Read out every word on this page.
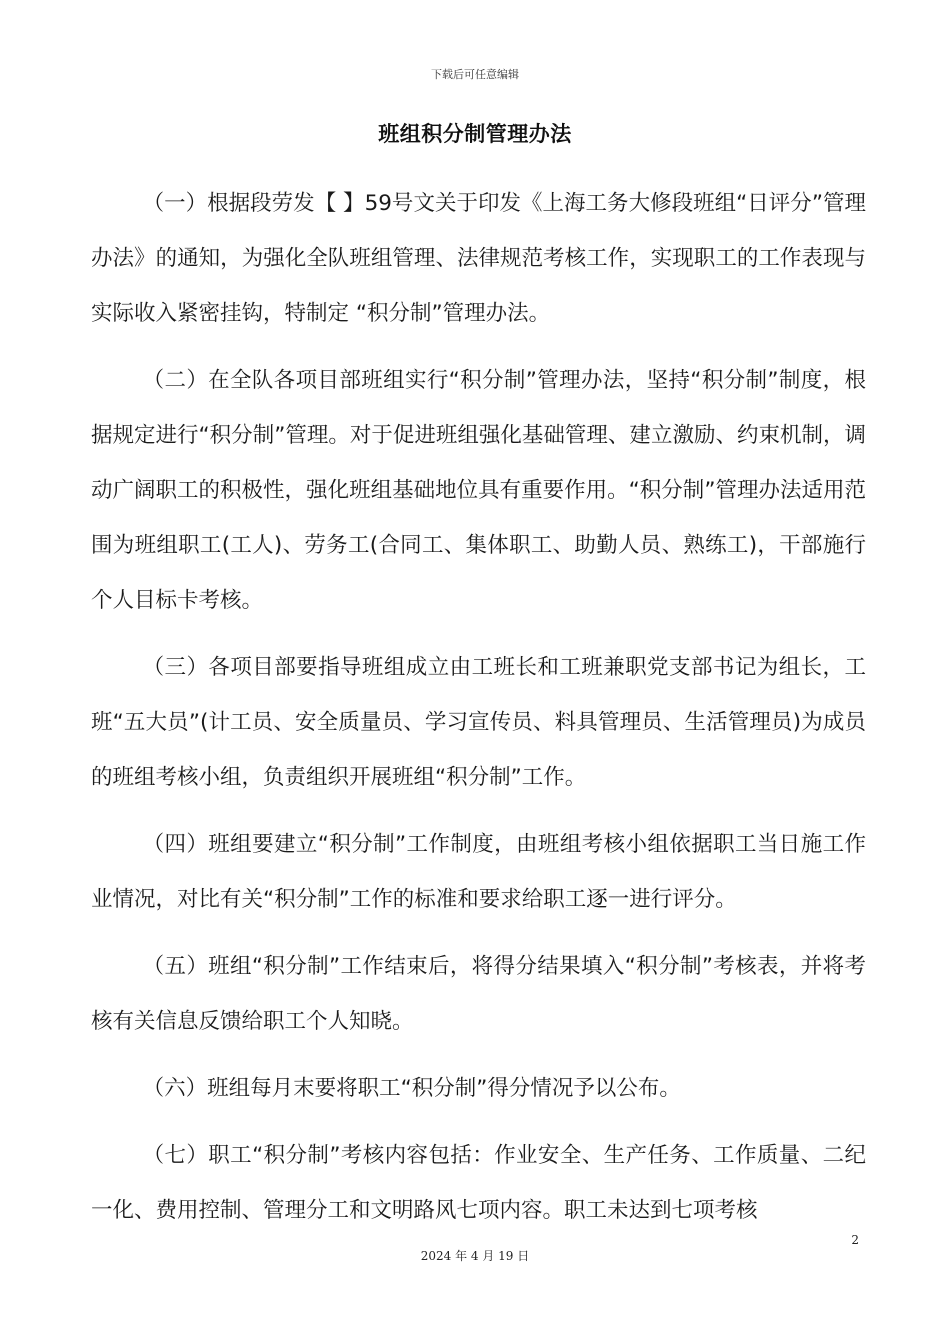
下载后可任意编辑
班组积分制管理办法

（一）根据段劳发【 】59号文关于印发《上海工务大修段班组“日评分”管理办法》的通知，为强化全队班组管理、法律规范考核工作，实现职工的工作表现与实际收入紧密挂钩，特制定 “积分制”管理办法。

（二）在全队各项目部班组实行“积分制”管理办法，坚持“积分制”制度，根据规定进行“积分制”管理。对于促进班组强化基础管理、建立激励、约束机制，调动广阔职工的积极性，强化班组基础地位具有重要作用。“积分制”管理办法适用范围为班组职工(工人)、劳务工(合同工、集体职工、助勤人员、熟练工)，干部施行个人目标卡考核。

（三）各项目部要指导班组成立由工班长和工班兼职党支部书记为组长，工班“五大员”(计工员、安全质量员、学习宣传员、料具管理员、生活管理员)为成员的班组考核小组，负责组织开展班组“积分制”工作。

（四）班组要建立“积分制”工作制度，由班组考核小组依据职工当日施工作业情况，对比有关“积分制”工作的标准和要求给职工逐一进行评分。

（五）班组“积分制”工作结束后，将得分结果填入“积分制”考核表，并将考核有关信息反馈给职工个人知晓。

（六）班组每月末要将职工“积分制”得分情况予以公布。

（七）职工“积分制”考核内容包括：作业安全、生产任务、工作质量、二纪一化、费用控制、管理分工和文明路风七项内容。职工未达到七项考核

2
2024 年 4 月 19 日
